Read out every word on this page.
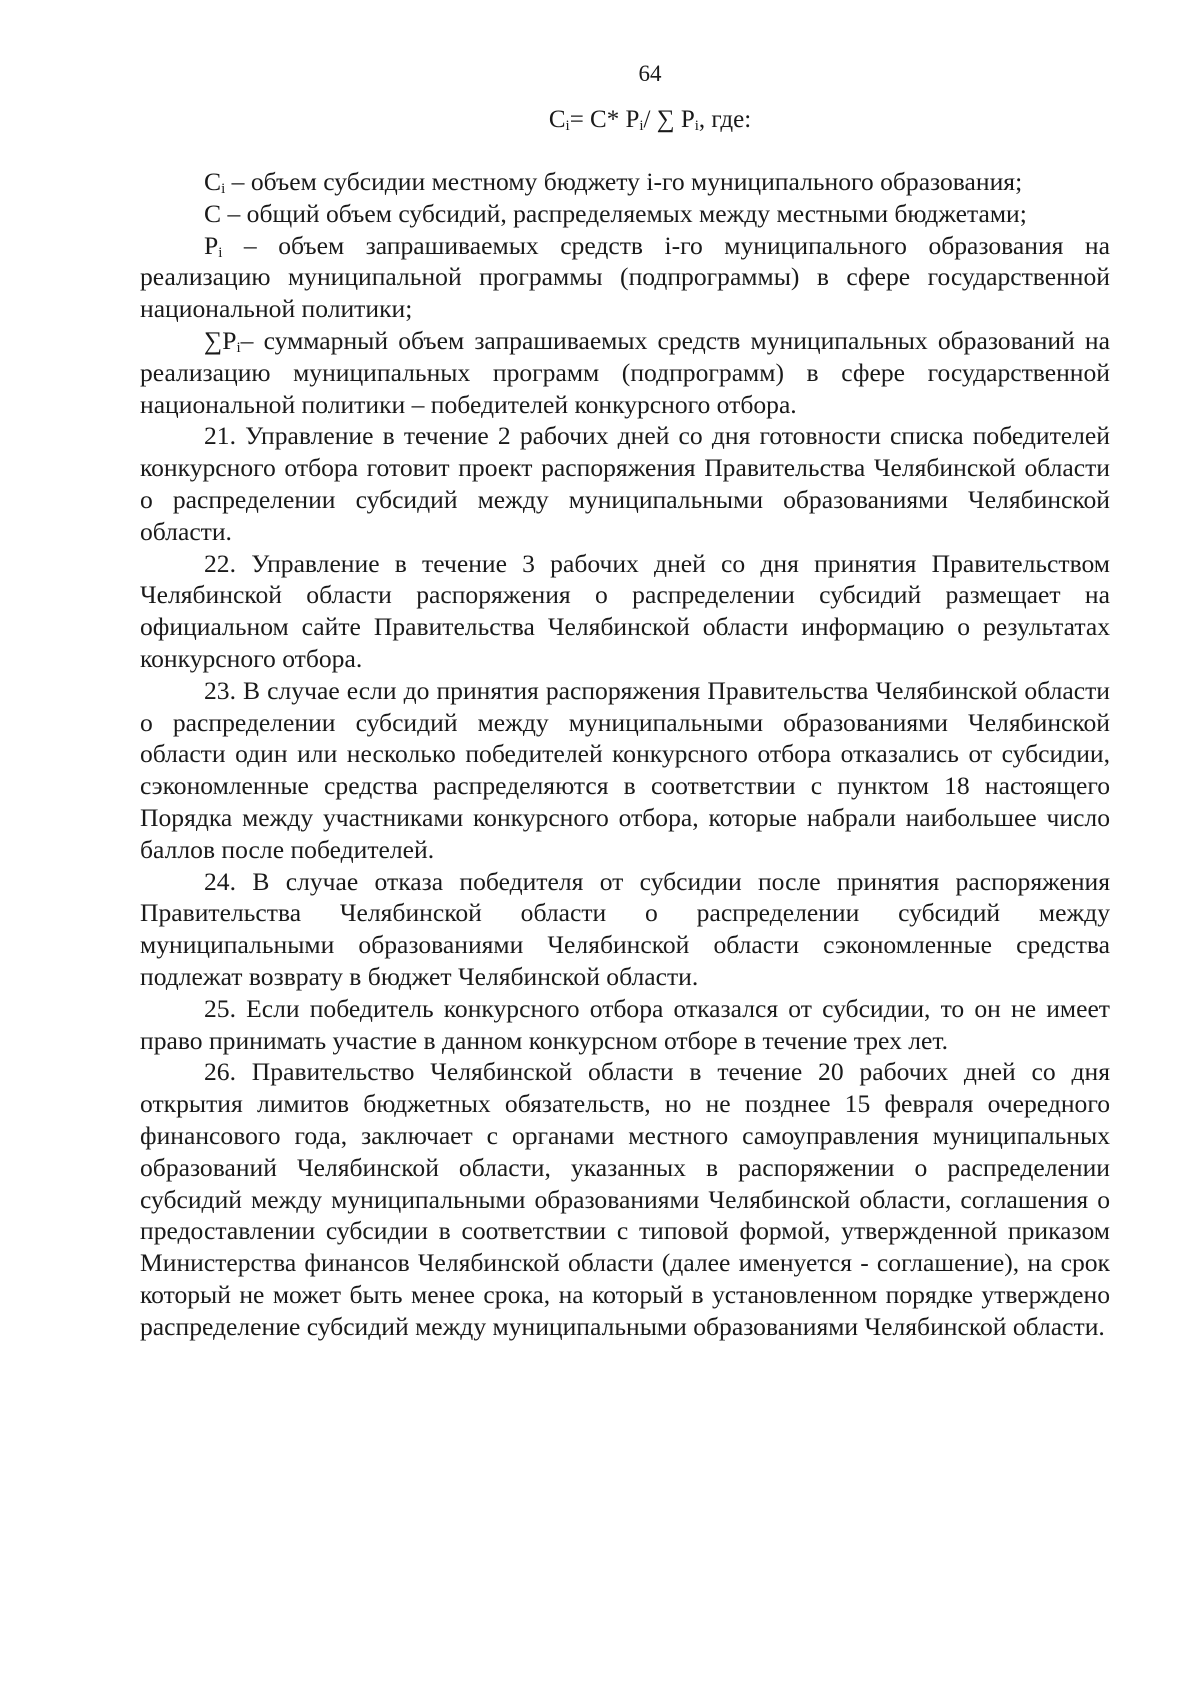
64
$C_i= C*$ $P_i/$ ∑ $P_i$, где:

$C_i$ – объем субсидии местному бюджету i-го муниципального образования;

С – общий объем субсидий, распределяемых между местными бюджетами;

$P_i$ – объем запрашиваемых средств i-го муниципального образования на реализацию муниципальной программы (подпрограммы) в сфере государственной национальной политики;

$\sum P_i-$ суммарный объем запрашиваемых средств муниципальных образований на реализацию муниципальных программ (подпрограмм) в сфере государственной национальной политики – победителей конкурсного отбора.

21. Управление в течение 2 рабочих дней со дня готовности списка победителей конкурсного отбора готовит проект распоряжения Правительства Челябинской области о распределении субсидий между муниципальными образованиями Челябинской области.

22. Управление в течение 3 рабочих дней со дня принятия Правительством Челябинской области распоряжения о распределении субсидий размещает на официальном сайте Правительства Челябинской области информацию о результатах конкурсного отбора.

23. В случае если до принятия распоряжения Правительства Челябинской области о распределении субсидий между муниципальными образованиями Челябинской области один или несколько победителей конкурсного отбора отказались от субсидии, сэкономленные средства распределяются в соответствии с пунктом 18 настоящего Порядка между участниками конкурсного отбора, которые набрали наибольшее число баллов после победителей.

24. В случае отказа победителя от субсидии после принятия распоряжения Правительства Челябинской области о распределении субсидий между муниципальными образованиями Челябинской области сэкономленные средства подлежат возврату в бюджет Челябинской области.

25. Если победитель конкурсного отбора отказался от субсидии, то он не имеет право принимать участие в данном конкурсном отборе в течение трех лет.

26. Правительство Челябинской области в течение 20 рабочих дней со дня открытия лимитов бюджетных обязательств, но не позднее 15 февраля очередного финансового года, заключает с органами местного самоуправления муниципальных образований Челябинской области, указанных в распоряжении о распределении субсидий между муниципальными образованиями Челябинской области, соглашения о предоставлении субсидии в соответствии с типовой формой, утвержденной приказом Министерства финансов Челябинской области (далее именуется - соглашение), на срок который не может быть менее срока, на который в установленном порядке утверждено распределение субсидий между муниципальными образованиями Челябинской области.
